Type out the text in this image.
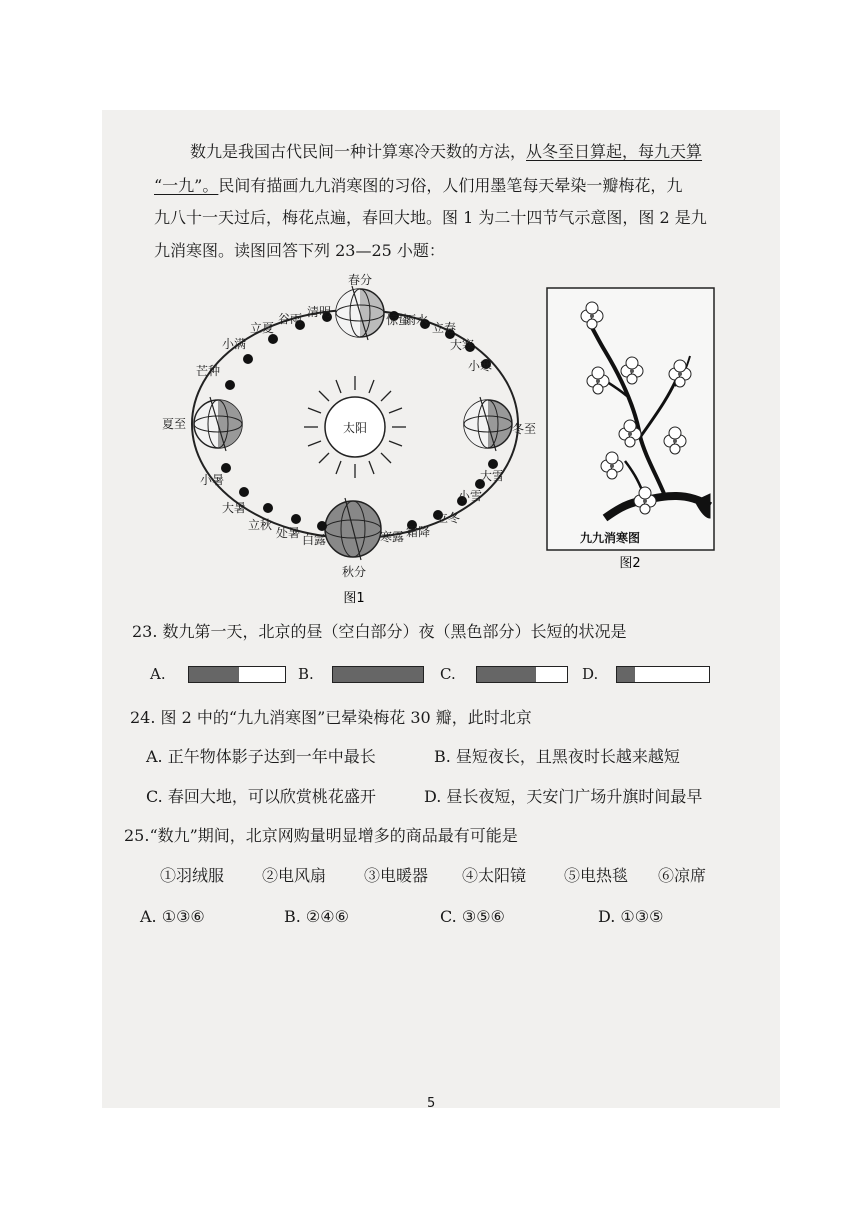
数九是我国古代民间一种计算寒冷天数的方法，从冬至日算起，每九天算
“一九”。民间有描画九九消寒图的习俗，人们用墨笔每天晕染一瓣梅花，九
九八十一天过后，梅花点遍，春回大地。图 1 为二十四节气示意图，图 2 是九
九消寒图。读图回答下列 23—25 小题：
太阳
春分
惊蛰
雨水
立春
大寒
小寒
冬至
大雪
小雪
立冬
霜降
寒露
秋分
白露
处暑
立秋
大暑
小暑
夏至
芒种
小满
立夏
谷雨 清明
图1
九九消寒图
图2
23. 数九第一天，北京的昼（空白部分）夜（黑色部分）长短的状况是
A.	B.	C.	D.
24. 图 2 中的“九九消寒图”已晕染梅花 30 瓣，此时北京
A. 正午物体影子达到一年中最长	B. 昼短夜长，且黑夜时长越来越短
C. 春回大地，可以欣赏桃花盛开	D. 昼长夜短，天安门广场升旗时间最早
25.“数九”期间，北京网购量明显增多的商品最有可能是
①羽绒服 ②电风扇 ③电暖器 ④太阳镜 ⑤电热毯 ⑥凉席
A. ①③⑥	B. ②④⑥	C. ③⑤⑥	D. ①③⑤
5
